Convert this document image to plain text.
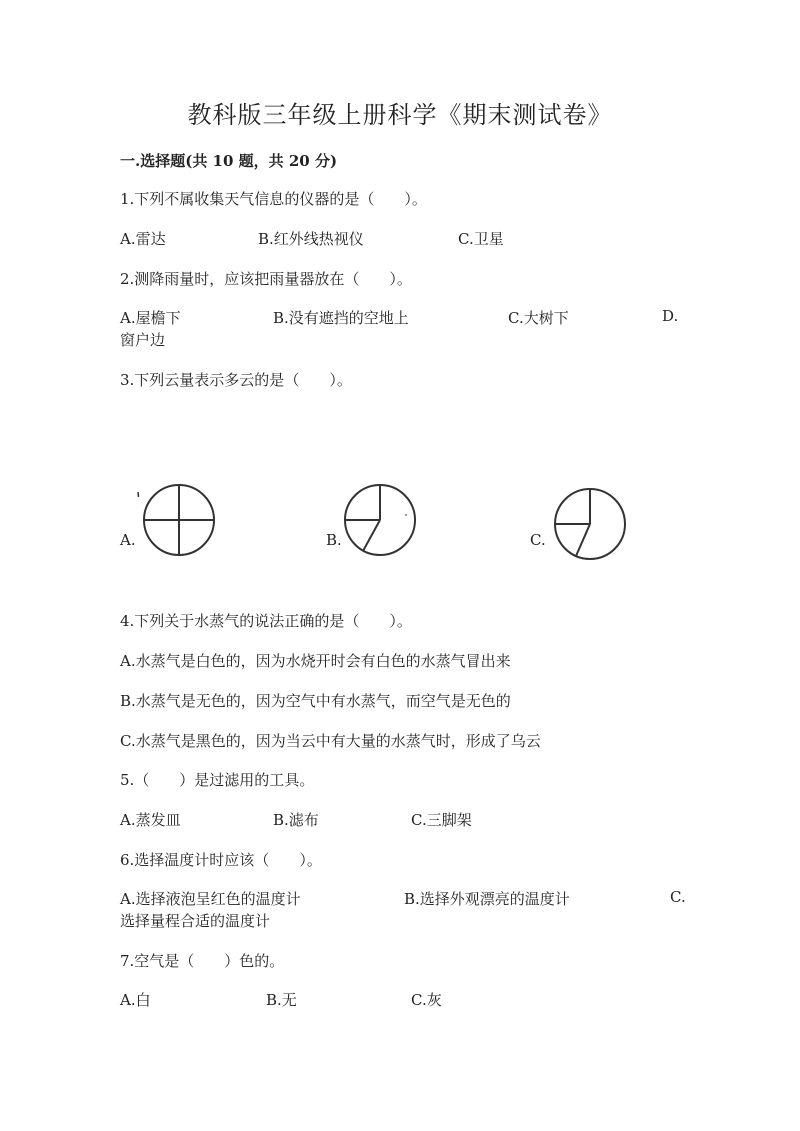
教科版三年级上册科学《期末测试卷》
一.选择题(共 10 题，共 20 分)
1.下列不属收集天气信息的仪器的是（　　）。
A.雷达	B.红外线热视仪	C.卫星
2.测降雨量时，应该把雨量器放在（　　）。
A.屋檐下	B.没有遮挡的空地上	C.大树下	D.
窗户边
3.下列云量表示多云的是（　　）。
A.	B.	C.
4.下列关于水蒸气的说法正确的是（　　）。
A.水蒸气是白色的，因为水烧开时会有白色的水蒸气冒出来
B.水蒸气是无色的，因为空气中有水蒸气，而空气是无色的
C.水蒸气是黑色的，因为当云中有大量的水蒸气时，形成了乌云
5.（　　）是过滤用的工具。
A.蒸发皿	B.滤布	C.三脚架
6.选择温度计时应该（　　）。
A.选择液泡呈红色的温度计	B.选择外观漂亮的温度计	C.
选择量程合适的温度计
7.空气是（　　）色的。
A.白	B.无	C.灰
